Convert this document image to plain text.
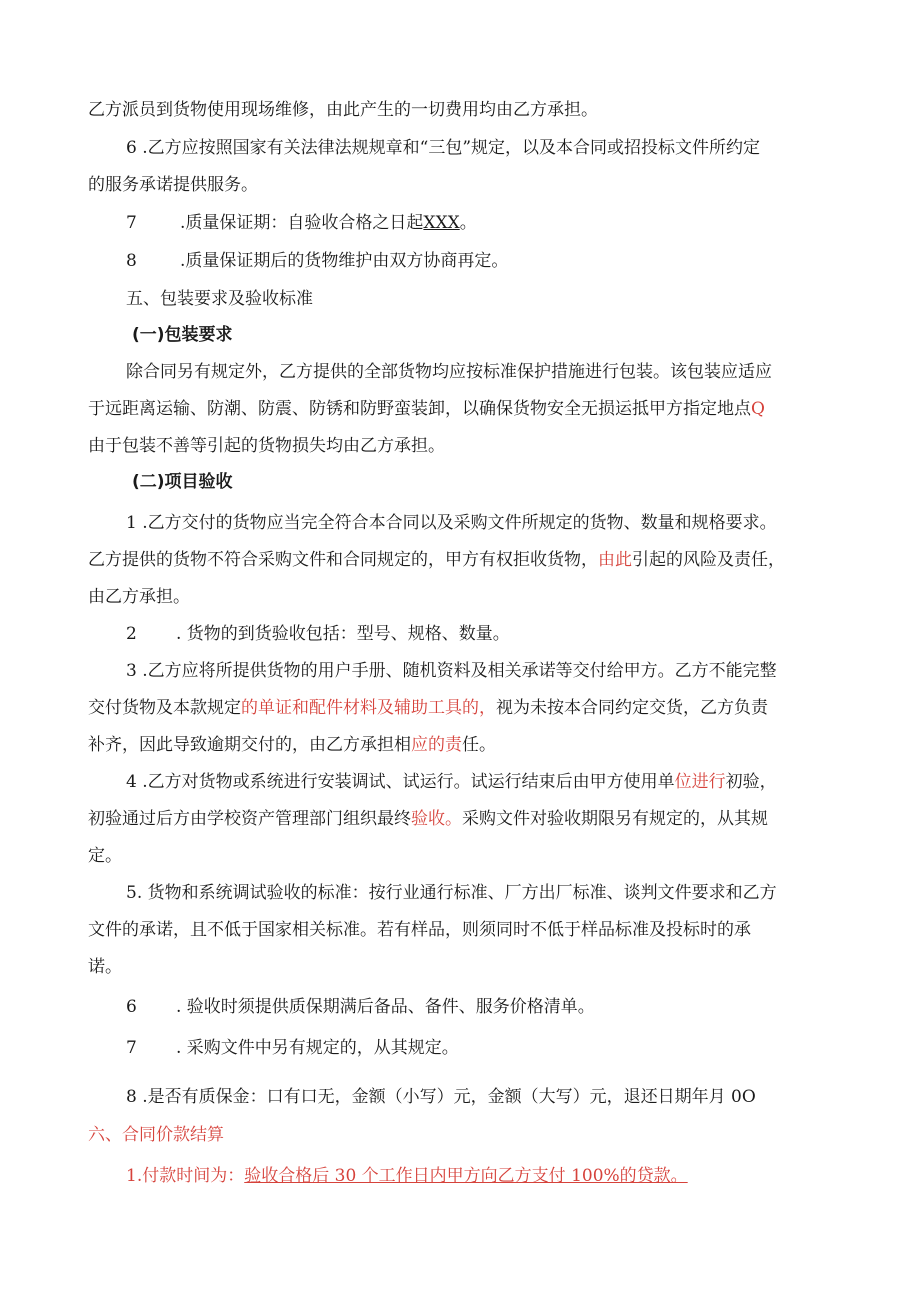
乙方派员到货物使用现场维修，由此产生的一切费用均由乙方承担。
6 .乙方应按照国家有关法律法规规章和“三包”规定，以及本合同或招投标文件所约定
的服务承诺提供服务。
7	.质量保证期：自验收合格之日起XXX。
8	.质量保证期后的货物维护由双方协商再定。
五、包装要求及验收标准
(一)包装要求
除合同另有规定外，乙方提供的全部货物均应按标准保护措施进行包装。该包装应适应
于远距离运输、防潮、防震、防锈和防野蛮装卸，以确保货物安全无损运抵甲方指定地点Q
由于包装不善等引起的货物损失均由乙方承担。
(二)项目验收
1 .乙方交付的货物应当完全符合本合同以及采购文件所规定的货物、数量和规格要求。
乙方提供的货物不符合采购文件和合同规定的，甲方有权拒收货物，由此引起的风险及责任，
由乙方承担。
2 . 货物的到货验收包括：型号、规格、数量。
3 .乙方应将所提供货物的用户手册、随机资料及相关承诺等交付给甲方。乙方不能完整
交付货物及本款规定的单证和配件材料及辅助工具的，视为未按本合同约定交货，乙方负责
补齐，因此导致逾期交付的，由乙方承担相应的责任。
4 .乙方对货物或系统进行安装调试、试运行。试运行结束后由甲方使用单位进行初验，
初验通过后方由学校资产管理部门组织最终验收。采购文件对验收期限另有规定的，从其规
定。
5. 货物和系统调试验收的标准：按行业通行标准、厂方出厂标准、谈判文件要求和乙方
文件的承诺，且不低于国家相关标准。若有样品，则须同时不低于样品标准及投标时的承
诺。
6 . 验收时须提供质保期满后备品、备件、服务价格清单。
7 . 采购文件中另有规定的，从其规定。
8 .是否有质保金：口有口无，金额（小写）元，金额（大写）元，退还日期年月 0O
六、合同价款结算
1.付款时间为：验收合格后 30 个工作日内甲方向乙方支付 100%的贷款。
